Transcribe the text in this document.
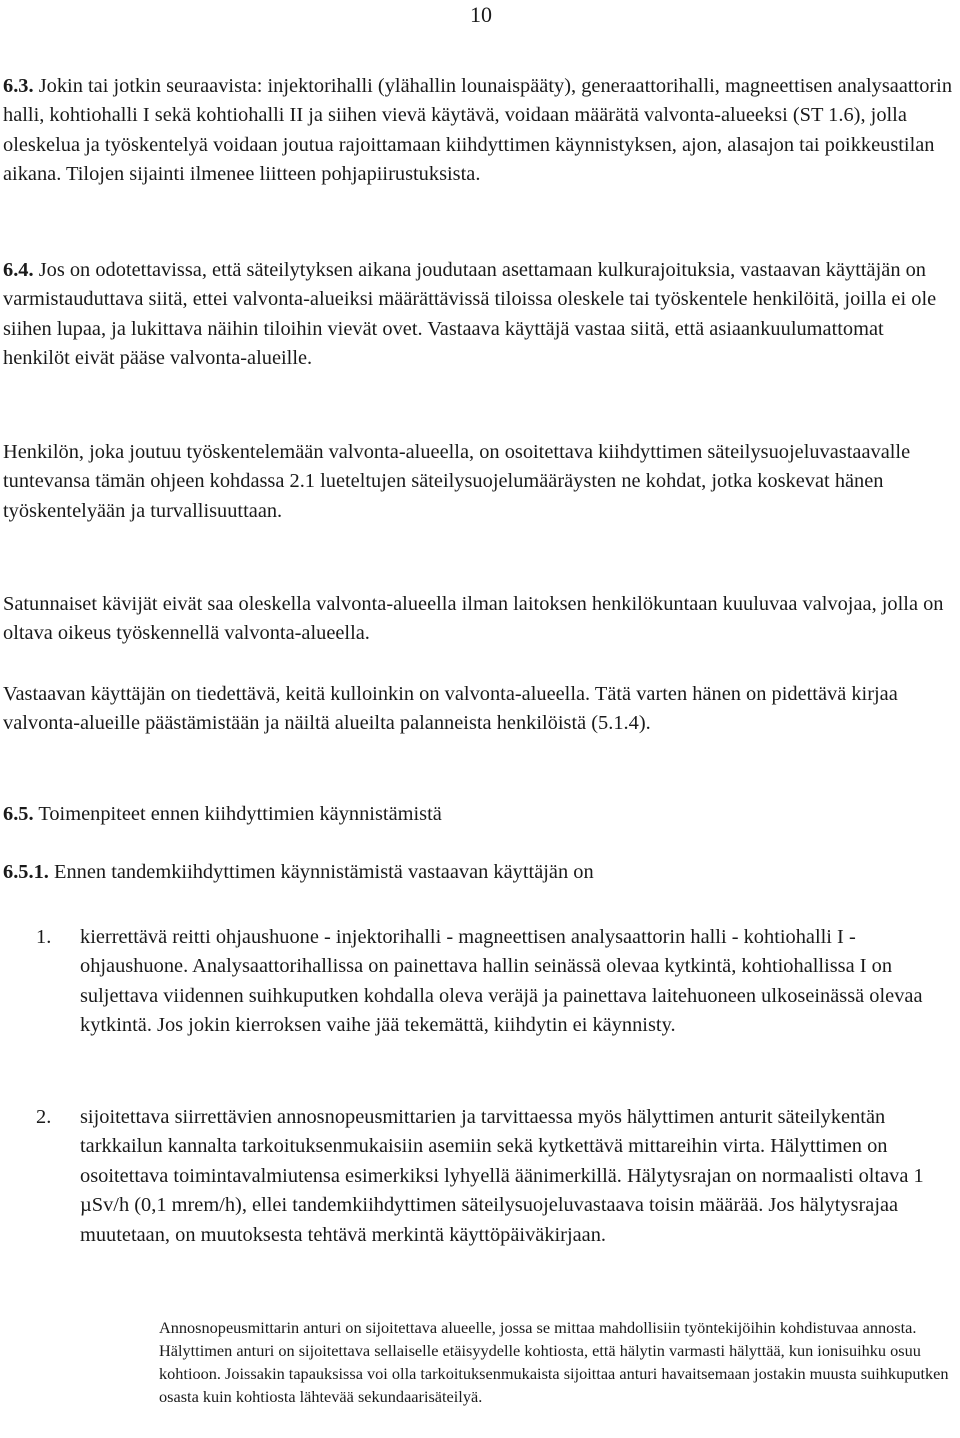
10

6.3. Jokin tai jotkin seuraavista: injektorihalli (ylähallin lounaispääty), generaattorihalli, magneettisen analysaattorin halli, kohtiohalli I sekä kohtiohalli II ja siihen vievä käytävä, voidaan määrätä valvonta-alueeksi (ST 1.6), jolla oleskelua ja työskentelyä voidaan joutua rajoittamaan kiihdyttimen käynnistyksen, ajon, alasajon tai poikkeustilan aikana. Tilojen sijainti ilmenee liitteen pohjapiirustuksista.

6.4. Jos on odotettavissa, että säteilytyksen aikana joudutaan asettamaan kulkurajoituksia, vastaavan käyttäjän on varmistauduttava siitä, ettei valvonta-alueiksi määrättävissä tiloissa oleskele tai työskentele henkilöitä, joilla ei ole siihen lupaa, ja lukittava näihin tiloihin vievät ovet. Vastaava käyttäjä vastaa siitä, että asiaankuulumattomat henkilöt eivät pääse valvonta-alueille.

Henkilön, joka joutuu työskentelemään valvonta-alueella, on osoitettava kiihdyttimen säteilysuojeluvastaavalle tuntevansa tämän ohjeen kohdassa 2.1 lueteltujen säteilysuojelumääräysten ne kohdat, jotka koskevat hänen työskentelyään ja turvallisuuttaan.

Satunnaiset kävijät eivät saa oleskella valvonta-alueella ilman laitoksen henkilökuntaan kuuluvaa valvojaa, jolla on oltava oikeus työskennellä valvonta-alueella.

Vastaavan käyttäjän on tiedettävä, keitä kulloinkin on valvonta-alueella. Tätä varten hänen on pidettävä kirjaa valvonta-alueille päästämistään ja näiltä alueilta palanneista henkilöistä (5.1.4).

6.5. Toimenpiteet ennen kiihdyttimien käynnistämistä

6.5.1. Ennen tandemkiihdyttimen käynnistämistä vastaavan käyttäjän on

1. kierrettävä reitti ohjaushuone - injektorihalli - magneettisen analysaattorin halli - kohtiohalli I - ohjaushuone. Analysaattorihallissa on painettava hallin seinässä olevaa kytkintä, kohtiohallissa I on suljettava viidennen suihkuputken kohdalla oleva veräjä ja painettava laitehuoneen ulkoseinässä olevaa kytkintä. Jos jokin kierroksen vaihe jää tekemättä, kiihdytin ei käynnisty.

2. sijoitettava siirrettävien annosnopeusmittarien ja tarvittaessa myös hälyttimen anturit säteilykentän tarkkailun kannalta tarkoituksenmukaisiin asemiin sekä kytkettävä mittareihin virta. Hälyttimen on osoitettava toimintavalmiutensa esimerkiksi lyhyellä äänimerkillä. Hälytysrajan on normaalisti oltava 1 µSv/h (0,1 mrem/h), ellei tandemkiihdyttimen säteilysuojeluvastaava toisin määrää. Jos hälytysrajaa muutetaan, on muutoksesta tehtävä merkintä käyttöpäiväkirjaan.

Annosnopeusmittarin anturi on sijoitettava alueelle, jossa se mittaa mahdollisiin työntekijöihin kohdistuvaa annosta. Hälyttimen anturi on sijoitettava sellaiselle etäisyydelle kohtiosta, että hälytin varmasti hälyttää, kun ionisuihku osuu kohtioon. Joissakin tapauksissa voi olla tarkoituksenmukaista sijoittaa anturi havaitsemaan jostakin muusta suihkuputken osasta kuin kohtiosta lähtevää sekundaarisäteilyä.
